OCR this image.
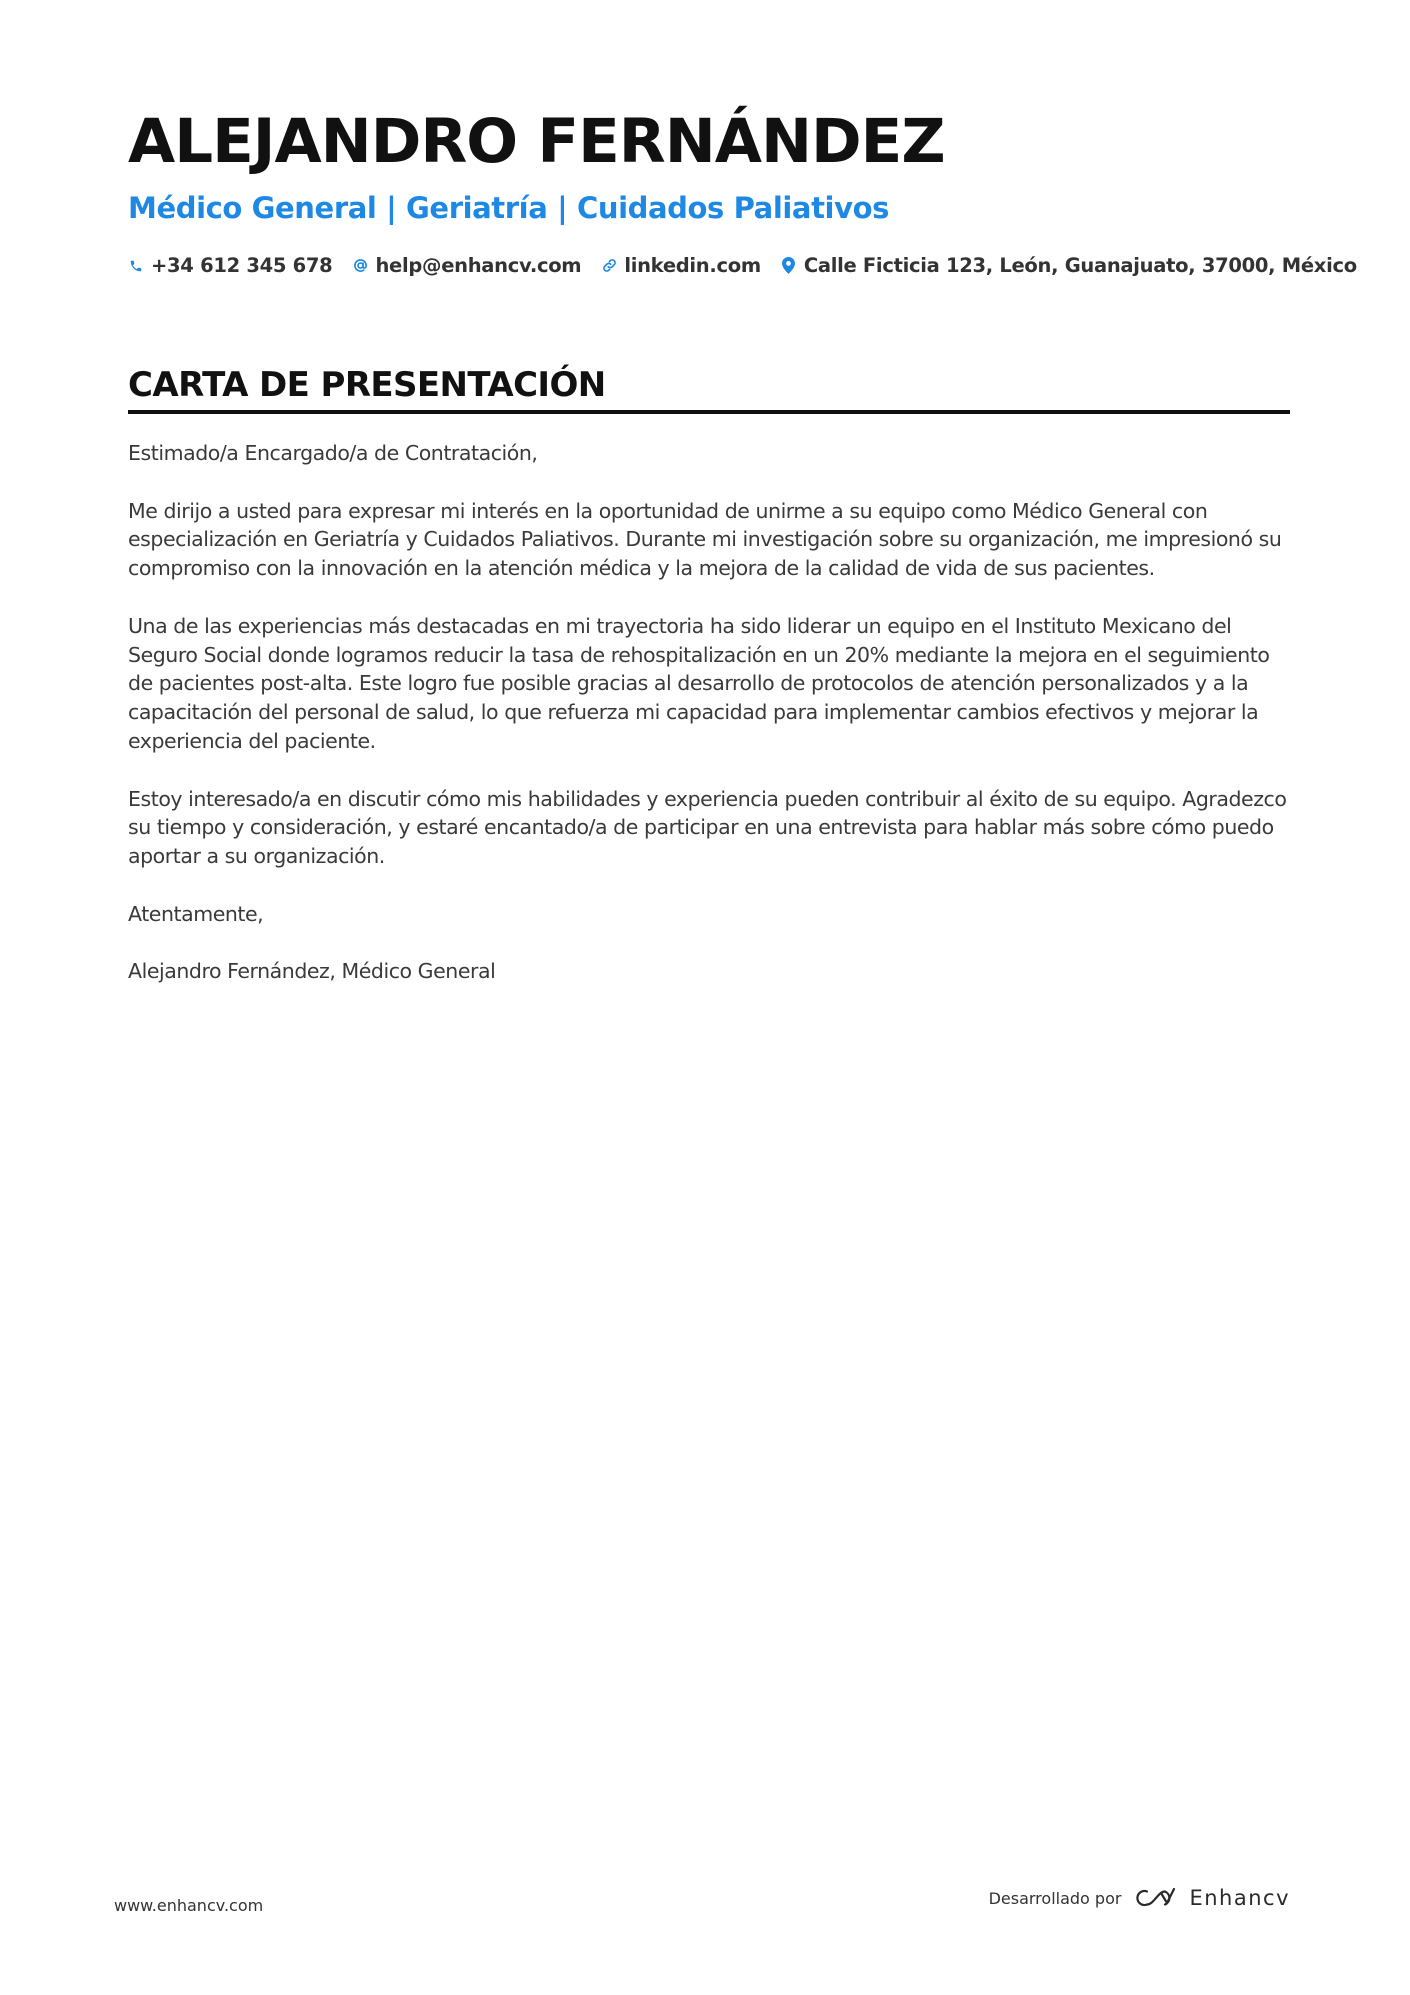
ALEJANDRO FERNÁNDEZ
Médico General | Geriatría | Cuidados Paliativos
+34 612 345 678 help@enhancv.com linkedin.com Calle Ficticia 123, León, Guanajuato, 37000, México
CARTA DE PRESENTACIÓN

Estimado/a Encargado/a de Contratación,

Me dirijo a usted para expresar mi interés en la oportunidad de unirme a su equipo como Médico General con especialización en Geriatría y Cuidados Paliativos. Durante mi investigación sobre su organización, me impresionó su compromiso con la innovación en la atención médica y la mejora de la calidad de vida de sus pacientes.

Una de las experiencias más destacadas en mi trayectoria ha sido liderar un equipo en el Instituto Mexicano del Seguro Social donde logramos reducir la tasa de rehospitalización en un 20% mediante la mejora en el seguimiento de pacientes post-alta. Este logro fue posible gracias al desarrollo de protocolos de atención personalizados y a la capacitación del personal de salud, lo que refuerza mi capacidad para implementar cambios efectivos y mejorar la experiencia del paciente.

Estoy interesado/a en discutir cómo mis habilidades y experiencia pueden contribuir al éxito de su equipo. Agradezco su tiempo y consideración, y estaré encantado/a de participar en una entrevista para hablar más sobre cómo puedo aportar a su organización.

Atentamente,

Alejandro Fernández, Médico General

www.enhancv.com	Desarrollado por	Enhancv
